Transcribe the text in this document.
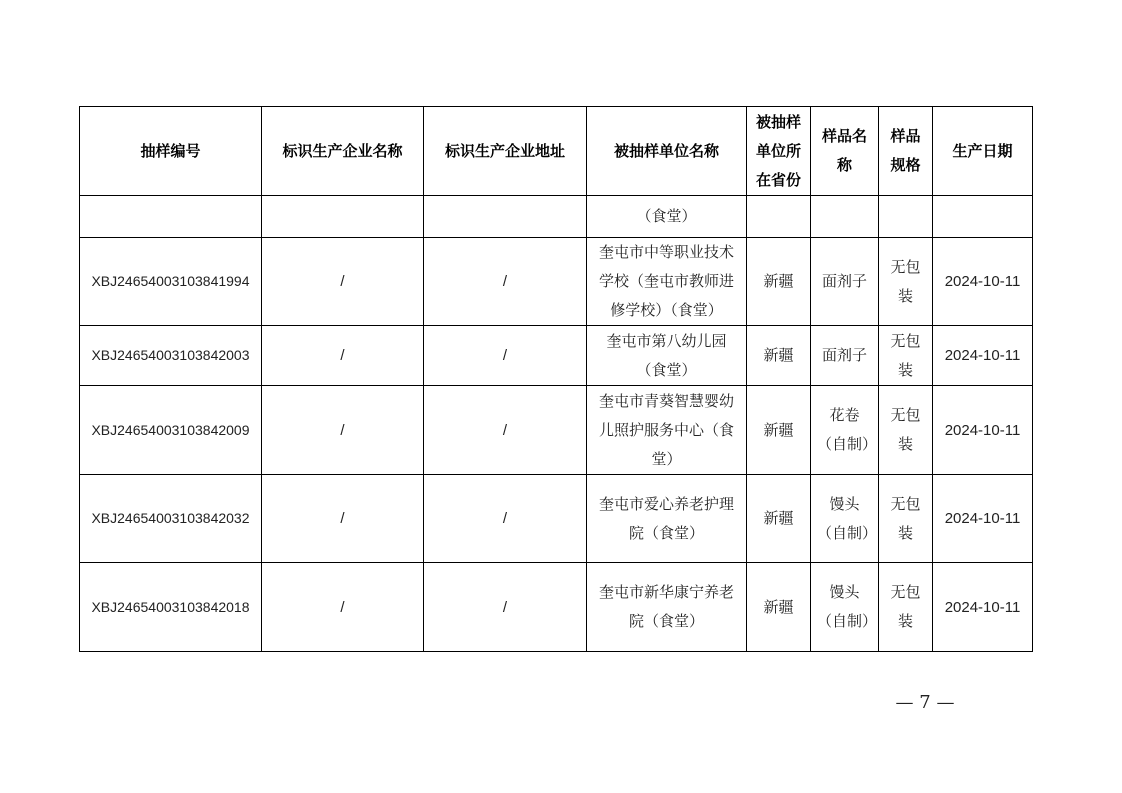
抽样编号	标识生产企业名称	标识生产企业地址	被抽样单位名称	被抽样单位所在省份	样品名称	样品规格	生产日期
			（食堂）				
XBJ24654003103841994	/	/	奎屯市中等职业技术学校（奎屯市教师进修学校）（食堂）	新疆	面剂子	无包装	2024-10-11
XBJ24654003103842003	/	/	奎屯市第八幼儿园（食堂）	新疆	面剂子	无包装	2024-10-11
XBJ24654003103842009	/	/	奎屯市青葵智慧婴幼儿照护服务中心（食堂）	新疆	花卷（自制）	无包装	2024-10-11
XBJ24654003103842032	/	/	奎屯市爱心养老护理院（食堂）	新疆	馒头（自制）	无包装	2024-10-11
XBJ24654003103842018	/	/	奎屯市新华康宁养老院（食堂）	新疆	馒头（自制）	无包装	2024-10-11
— 7 —
